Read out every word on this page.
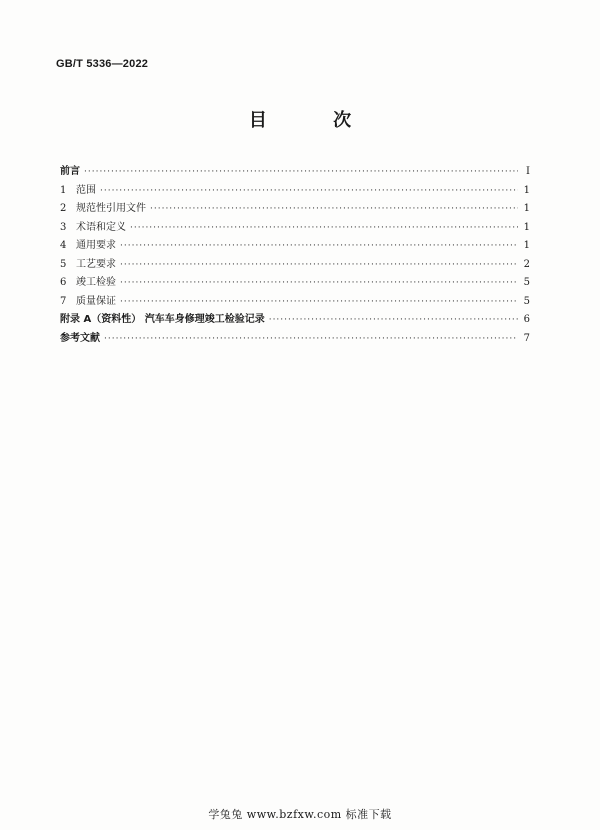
GB/T 5336—2022
目 次
前言 ·····	Ⅰ
1 范围 ·····	1
2 规范性引用文件 ·····	1
3 术语和定义 ·····	1
4 通用要求 ·····	1
5 工艺要求 ·····	2
6 竣工检验 ·····	5
7 质量保证 ·····	5
附录 A（资料性） 汽车车身修理竣工检验记录 ·····	6
参考文献 ·····	7
学兔兔 www.bzfxw.com 标准下载
